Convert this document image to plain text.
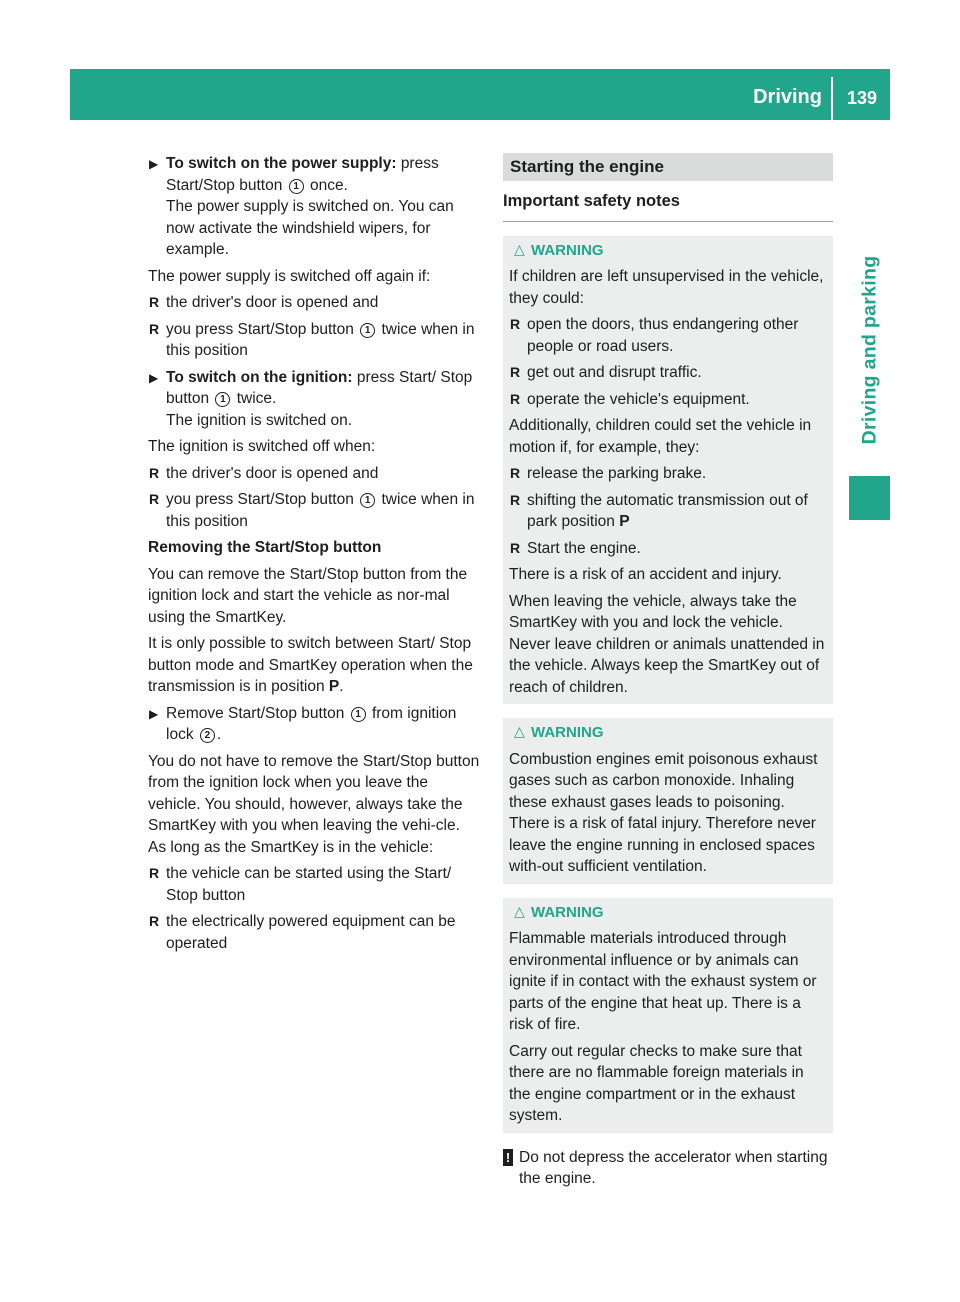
Driving 139
Driving and parking
▶ To switch on the power supply: press Start/Stop button 1 once.
The power supply is switched on. You can now activate the windshield wipers, for example.

The power supply is switched off again if:

R the driver's door is opened and
R you press Start/Stop button 1 twice when in this position
▶ To switch on the ignition: press Start/ Stop button 1 twice.
The ignition is switched on.

The ignition is switched off when:

R the driver's door is opened and
R you press Start/Stop button 1 twice when in this position
Removing the Start/Stop button

You can remove the Start/Stop button from the ignition lock and start the vehicle as nor-mal using the SmartKey.

It is only possible to switch between Start/ Stop button mode and SmartKey operation when the transmission is in position P.

▶ Remove Start/Stop button 1 from ignition lock 2 .

You do not have to remove the Start/Stop button from the ignition lock when you leave the vehicle. You should, however, always take the SmartKey with you when leaving the vehi-cle. As long as the SmartKey is in the vehicle:

R the vehicle can be started using the Start/ Stop button
R the electrically powered equipment can be operated
Starting the engine
Important safety notes
△ WARNING

If children are left unsupervised in the vehicle, they could:

R open the doors, thus endangering other people or road users.
R get out and disrupt traffic.
R operate the vehicle's equipment.

Additionally, children could set the vehicle in motion if, for example, they:

R release the parking brake.
R shifting the automatic transmission out of park position P
R Start the engine.

There is a risk of an accident and injury.

When leaving the vehicle, always take the SmartKey with you and lock the vehicle. Never leave children or animals unattended in the vehicle. Always keep the SmartKey out of reach of children.

△ WARNING

Combustion engines emit poisonous exhaust gases such as carbon monoxide. Inhaling these exhaust gases leads to poisoning. There is a risk of fatal injury. Therefore never leave the engine running in enclosed spaces with-out sufficient ventilation.

△ WARNING

Flammable materials introduced through environmental influence or by animals can ignite if in contact with the exhaust system or parts of the engine that heat up. There is a risk of fire.

Carry out regular checks to make sure that there are no flammable foreign materials in the engine compartment or in the exhaust system.

! Do not depress the accelerator when starting the engine.
